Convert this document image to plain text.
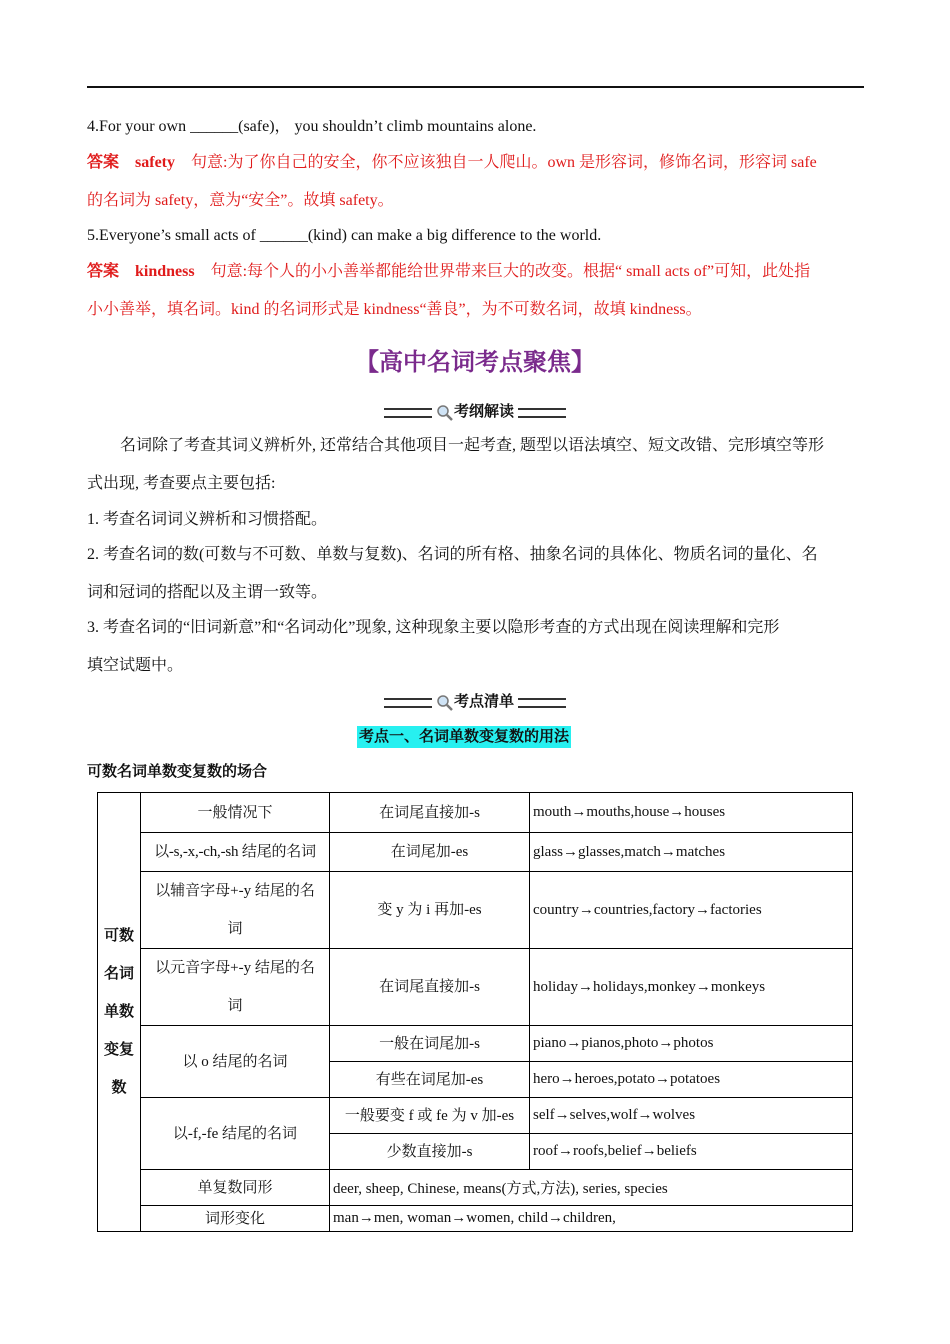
4.For your own ______(safe)， you shouldn’t climb mountains alone.
答案 safety 句意:为了你自己的安全，你不应该独自一人爬山。own 是形容词，修饰名词，形容词 safe
的名词为 safety，意为“安全”。故填 safety。
5.Everyone’s small acts of ______(kind) can make a big difference to the world.
答案 kindness 句意:每个人的小小善举都能给世界带来巨大的改变。根据“ small acts of”可知，此处指
小小善举，填名词。kind 的名词形式是 kindness“善良”，为不可数名词，故填 kindness。
【高中名词考点聚焦】
考纲解读
名词除了考查其词义辨析外, 还常结合其他项目一起考查, 题型以语法填空、短文改错、完形填空等形
式出现, 考查要点主要包括:
1. 考查名词词义辨析和习惯搭配。
2. 考查名词的数(可数与不可数、单数与复数)、名词的所有格、抽象名词的具体化、物质名词的量化、名
词和冠词的搭配以及主谓一致等。
3. 考查名词的“旧词新意”和“名词动化”现象, 这种现象主要以隐形考查的方式出现在阅读理解和完形
填空试题中。
考点清单
考点一、名词单数变复数的用法
可数名词单数变复数的场合
可数
名词
单数
变复
数	一般情况下	在词尾直接加-s	mouth→mouths,house→houses
	以-s,-x,-ch,-sh 结尾的名词	在词尾加-es	glass→glasses,match→matches

	以辅音字母+-y 结尾的名
词	变 y 为 i 再加-es	country→countries,factory→factories

	以元音字母+-y 结尾的名
词	在词尾直接加-s	holiday→holidays,monkey→monkeys
	以 o 结尾的名词	一般在词尾加-s	piano→pianos,photo→photos
		有些在词尾加-es	hero→heroes,potato→potatoes
	以-f,-fe 结尾的名词	一般要变 f 或 fe 为 v 加-es	self→selves,wolf→wolves
		少数直接加-s	roof→roofs,belief→beliefs
	单复数同形	deer, sheep, Chinese, means(方式,方法), series, species	
	词形变化	man→men, woman→women, child→children,	
